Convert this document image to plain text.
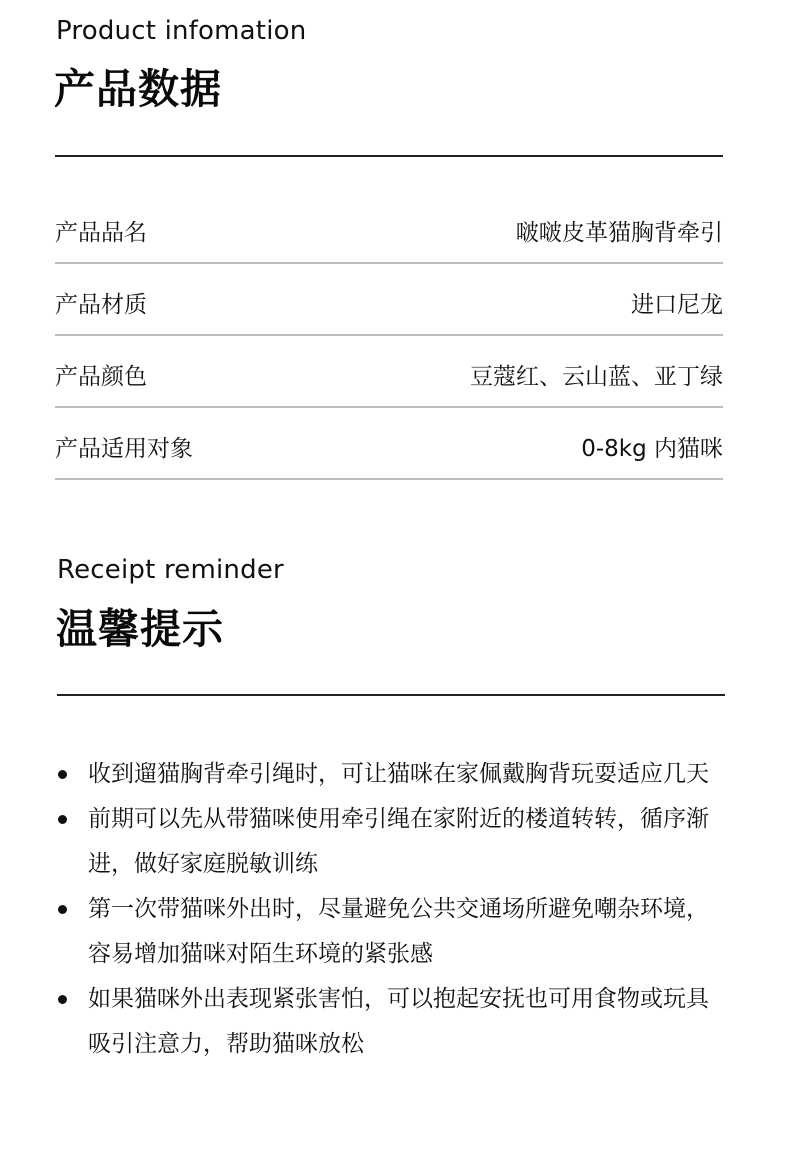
Product infomation
产品数据
产品品名	啵啵皮革猫胸背牵引
产品材质	进口尼龙
产品颜色	豆蔻红、云山蓝、亚丁绿
产品适用对象	0-8kg 内猫咪
Receipt reminder
温馨提示
收到遛猫胸背牵引绳时，可让猫咪在家佩戴胸背玩耍适应几天
前期可以先从带猫咪使用牵引绳在家附近的楼道转转，循序渐进，做好家庭脱敏训练
第一次带猫咪外出时，尽量避免公共交通场所避免嘲杂环境，容易增加猫咪对陌生环境的紧张感
如果猫咪外出表现紧张害怕，可以抱起安抚也可用食物或玩具吸引注意力，帮助猫咪放松
